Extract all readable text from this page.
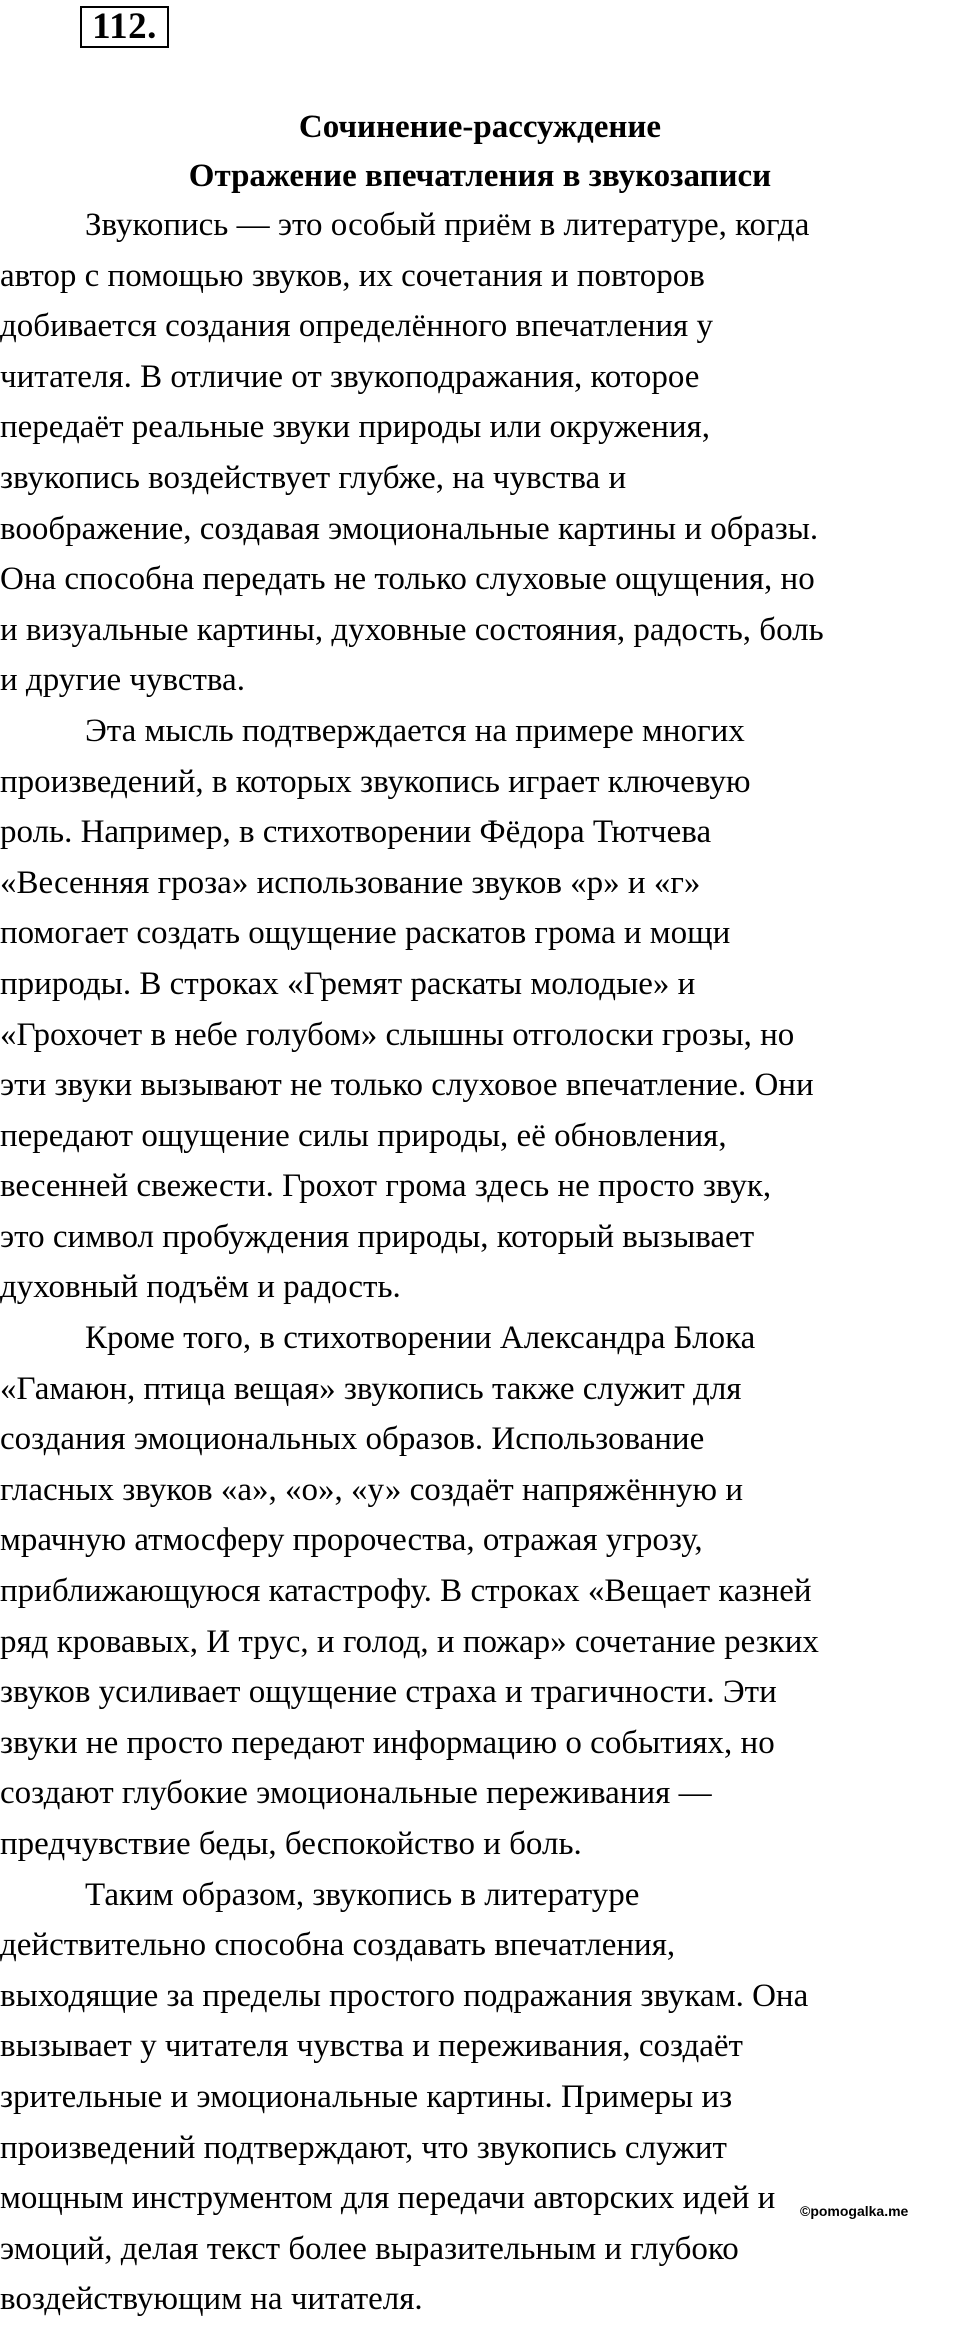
112.
Сочинение-рассуждение
Отражение впечатления в звукозаписи
Звукопись — это особый приём в литературе, когда
автор с помощью звуков, их сочетания и повторов
добивается создания определённого впечатления у
читателя. В отличие от звукоподражания, которое
передаёт реальные звуки природы или окружения,
звукопись воздействует глубже, на чувства и
воображение, создавая эмоциональные картины и образы.
Она способна передать не только слуховые ощущения, но
и визуальные картины, духовные состояния, радость, боль
и другие чувства.
Эта мысль подтверждается на примере многих
произведений, в которых звукопись играет ключевую
роль. Например, в стихотворении Фёдора Тютчева
«Весенняя гроза» использование звуков «р» и «г»
помогает создать ощущение раскатов грома и мощи
природы. В строках «Гремят раскаты молодые» и
«Грохочет в небе голубом» слышны отголоски грозы, но
эти звуки вызывают не только слуховое впечатление. Они
передают ощущение силы природы, её обновления,
весенней свежести. Грохот грома здесь не просто звук,
это символ пробуждения природы, который вызывает
духовный подъём и радость.
Кроме того, в стихотворении Александра Блока
«Гамаюн, птица вещая» звукопись также служит для
создания эмоциональных образов. Использование
гласных звуков «а», «о», «у» создаёт напряжённую и
мрачную атмосферу пророчества, отражая угрозу,
приближающуюся катастрофу. В строках «Вещает казней
ряд кровавых, И трус, и голод, и пожар» сочетание резких
звуков усиливает ощущение страха и трагичности. Эти
звуки не просто передают информацию о событиях, но
создают глубокие эмоциональные переживания —
предчувствие беды, беспокойство и боль.
Таким образом, звукопись в литературе
действительно способна создавать впечатления,
выходящие за пределы простого подражания звукам. Она
вызывает у читателя чувства и переживания, создаёт
зрительные и эмоциональные картины. Примеры из
произведений подтверждают, что звукопись служит
мощным инструментом для передачи авторских идей и
эмоций, делая текст более выразительным и глубоко
воздействующим на читателя.
©pomogalka.me
